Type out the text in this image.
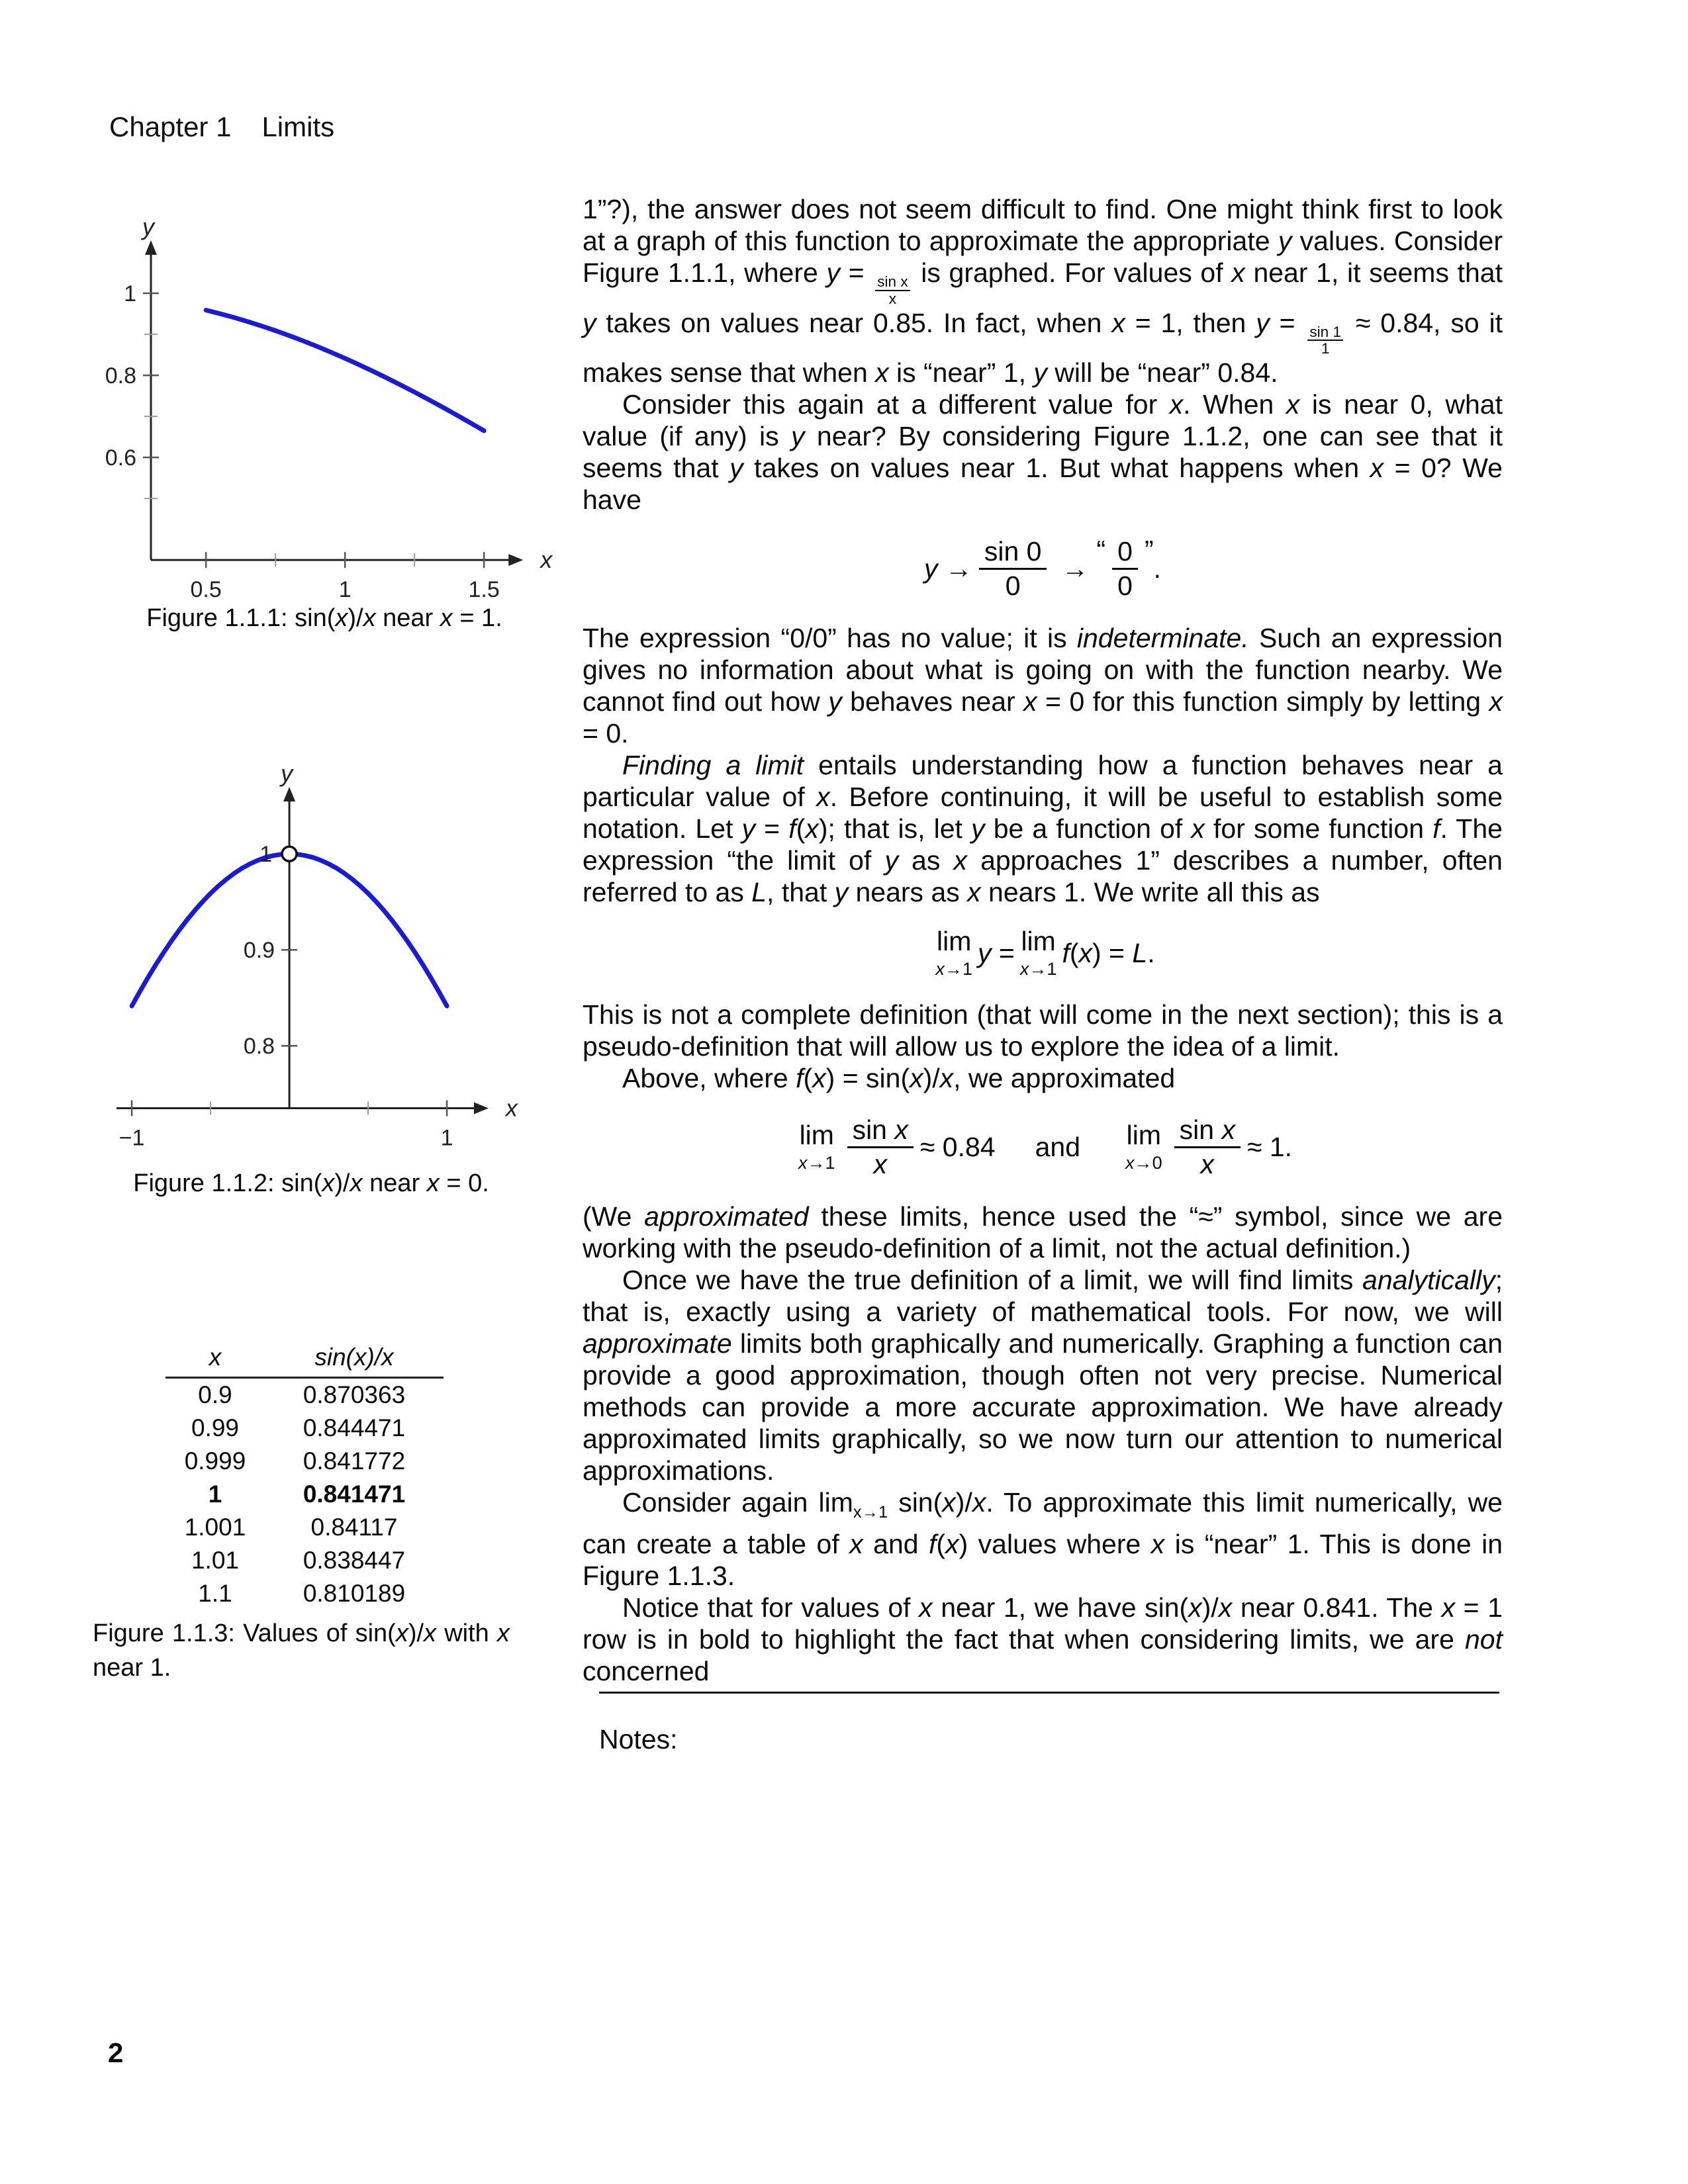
Chapter 1 Limits
x
y
0.5	1	1.5
1
0.8
0.6
Figure 1.1.1: sin(x)/x near x = 1.
x
y
−1	1
0.9
0.8
1
Figure 1.1.2: sin(x)/x near x = 0.
x	sin(x)/x
0.9	0.870363
0.99	0.844471
0.999	0.841772
1	0.841471
1.001	0.84117
1.01	0.838447
1.1	0.810189
Figure 1.1.3: Values of sin(x)/x with x near 1.

1”?), the answer does not seem difficult to find. One might think first to look at a graph of this function to approximate the appropriate y values. Consider Figure 1.1.1, where y =
$\frac{\text{sin x}}{x}$
is graphed. For values of x near 1, it seems that y takes on values near 0.85. In fact, when x = 1, then y =
$\frac{\sin 1}{1}$
≈ 0.84, so it makes sense that when x is “near” 1, y will be “near” 0.84.

Consider this again at a different value for x. When x is near 0, what value (if any) is y near? By considering Figure 1.1.2, one can see that it seems that y takes on values near 1. But what happens when x = 0? We have

$y \to \frac{\sin 0}{0}$ →
“ $\frac{0}{0}$ ”
.

The expression “0/0” has no value; it is indeterminate. Such an expression gives no information about what is going on with the function nearby. We cannot find out how y behaves near x = 0 for this function simply by letting x = 0.

Finding a limit entails understanding how a function behaves near a particular value of x. Before continuing, it will be useful to establish some notation. Let y = f(x); that is, let y be a function of x for some function f. The expression “the limit of y as x approaches 1” describes a number, often referred to as L, that y nears as x nears 1. We write all this as

lim
x→1
y = lim
x→1
f(x) = L.

This is not a complete definition (that will come in the next section); this is a pseudo-definition that will allow us to explore the idea of a limit.

Above, where f(x) = sin(x)/x, we approximated

lim
$x\to 1 \frac{\text{sin x}}{x} \approx 0.84$ and lim
$x\to 0 \frac{\text{sin x}}{x} \approx 1$.

(We approximated these limits, hence used the “≈” symbol, since we are working with the pseudo-definition of a limit, not the actual definition.)

Once we have the true definition of a limit, we will find limits analytically; that is, exactly using a variety of mathematical tools. For now, we will approximate limits both graphically and numerically. Graphing a function can provide a good approximation, though often not very precise. Numerical methods can provide a more accurate approximation. We have already approximated limits graphically, so we now turn our attention to numerical approximations.

Consider again $\lim_{x\to 1} \sin(x)/x$. To approximate this limit numerically, we can create a table of x and f(x) values where x is “near” 1. This is done in Figure 1.1.3.

Notice that for values of x near 1, we have sin(x)/x near 0.841. The x = 1 row is in bold to highlight the fact that when considering limits, we are not concerned

Notes:
2
